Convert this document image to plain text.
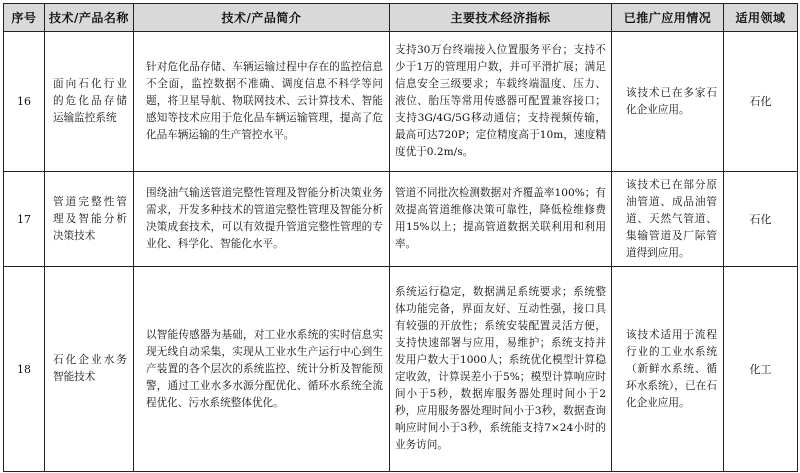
序号	技术/产品名称	技术/产品简介	主要技术经济指标	已推广应用情况	适用领域
16	面向石化行业的危化品存储运输监控系统	针对危化品存储、车辆运输过程中存在的监控信息不全面，监控数据不准确、调度信息不科学等问题，将卫星导航、物联网技术、云计算技术、智能感知等技术应用于危化品车辆运输管理，提高了危化品车辆运输的生产管控水平。	支持30万台终端接入位置服务平台；支持不少于1万的管理用户数，并可平滑扩展；满足信息安全三级要求；车载终端温度、压力、液位、胎压等常用传感器可配置兼容接口；支持3G/4G/5G移动通信；支持视频传输，最高可达720P；定位精度高于10m，速度精度优于0.2m/s。	该技术已在多家石化企业应用。	石化
17	管道完整性管理及智能分析决策技术	围绕油气输送管道完整性管理及智能分析决策业务需求，开发多种技术的管道完整性管理及智能分析决策成套技术，可以有效提升管道完整性管理的专业化、科学化、智能化水平。	管道不同批次检测数据对齐覆盖率100%；有效提高管道维修决策可靠性，降低检维修费用15%以上；提高管道数据关联利用和利用率。	该技术已在部分原油管道、成品油管道、天然气管道、集输管道及厂际管道得到应用。	石化
18	石化企业水务智能技术	以智能传感器为基础，对工业水系统的实时信息实现无线自动采集，实现从工业水生产运行中心到生产装置的各个层次的系统监控、统计分析及智能预警，通过工业水多水源分配优化、循环水系统全流程优化、污水系统整体优化。	系统运行稳定，数据满足系统要求；系统整体功能完备，界面友好、互动性强，接口具有较强的开放性；系统安装配置灵活方便，支持快速部署与应用，易维护；系统支持并发用户数大于1000人；系统优化模型计算稳定收敛，计算误差小于5%；模型计算响应时间小于5秒，数据库服务器处理时间小于2秒，应用服务器处理时间小于3秒，数据查询响应时间小于3秒，系统能支持7×24小时的业务访问。	该技术适用于流程行业的工业水系统（新鲜水系统、循环水系统），已在石化企业应用。	化工
